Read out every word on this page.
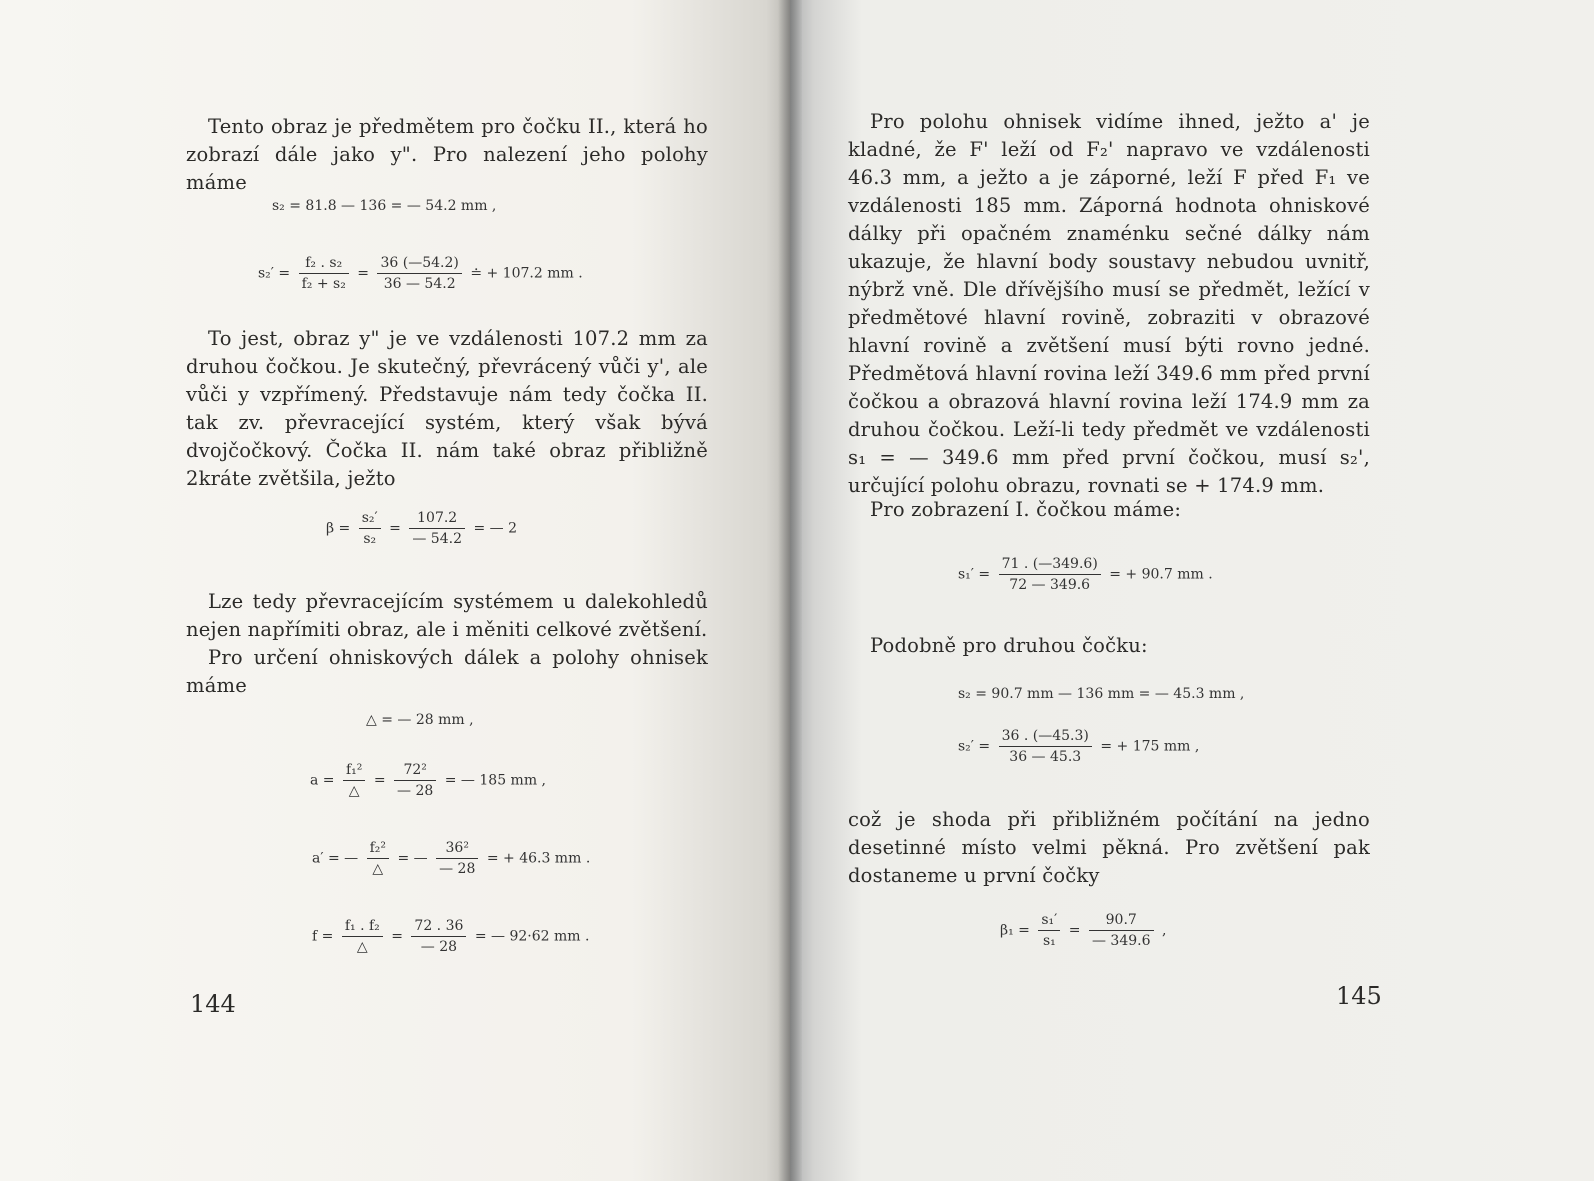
Tento obraz je předmětem pro čočku II., která ho zobrazí dále jako y". Pro nalezení jeho polohy máme
s₂ = 81.8 — 136 = — 54.2 mm ,
$s_2' = \frac{\text{f₂ . s₂}}{\text{f₂ + s₂}} = \frac{36 (—54.2)}{36 — 54.2}$ ≐ + 107.2 mm .
To jest, obraz y" je ve vzdálenosti 107.2 mm za druhou čočkou. Je skutečný, převrácený vůči y', ale vůči y vzpřímený. Představuje nám tedy čočka II. tak zv. převracející systém, který však bývá dvojčočkový. Čočka II. nám také obraz přibližně 2kráte zvětšila, ježto
$\beta = \frac{\text{s₂′}}{\text{s₂}} = \frac{107.2}{— 54.2}$ = — 2
Lze tedy převracejícím systémem u dalekohledů nejen napřímiti obraz, ale i měniti celkové zvětšení.
Pro určení ohniskových dálek a polohy ohnisek máme
△ = — 28 mm ,
$a = \frac{\text{f₁²}}{\triangle} = \frac{\text{72²}}{— 28}$ = — 185 mm ,
a′ = — $\frac{\text{f₂²}}{\triangle}$ = — $\frac{\text{36²}}{— 28}$ = + 46.3 mm .
$f = \frac{\text{f₁ . f₂}}{\triangle} = \frac{72 . 36}{— 28}$ = — 92·62 mm .
144
Pro polohu ohnisek vidíme ihned, ježto a' je kladné, že F' leží od F₂' napravo ve vzdálenosti 46.3 mm, a ježto a je záporné, leží F před F₁ ve vzdálenosti 185 mm. Záporná hodnota ohniskové dálky při opačném znaménku sečné dálky nám ukazuje, že hlavní body soustavy nebudou uvnitř, nýbrž vně. Dle dřívějšího musí se předmět, ležící v předmětové hlavní rovině, zobraziti v obrazové hlavní rovině a zvětšení musí býti rovno jedné. Předmětová hlavní rovina leží 349.6 mm před první čočkou a obrazová hlavní rovina leží 174.9 mm za druhou čočkou. Leží-li tedy předmět ve vzdálenosti s₁ = — 349.6 mm před první čočkou, musí s₂', určující polohu obrazu, rovnati se + 174.9 mm.
Pro zobrazení I. čočkou máme:
$s_1' = \frac{71 . (—349.6)}{72 — 349.6}$ = + 90.7 mm .
Podobně pro druhou čočku:
s₂ = 90.7 mm — 136 mm = — 45.3 mm ,
$s_2' = \frac{36 . (—45.3)}{36 — 45.3}$ = + 175 mm ,
což je shoda při přibližném počítání na jedno desetinné místo velmi pěkná. Pro zvětšení pak dostaneme u první čočky
$\beta_1 = \frac{\text{s₁′}}{\text{s₁}} = \frac{90.7}{— 349.6}$ ,
145
